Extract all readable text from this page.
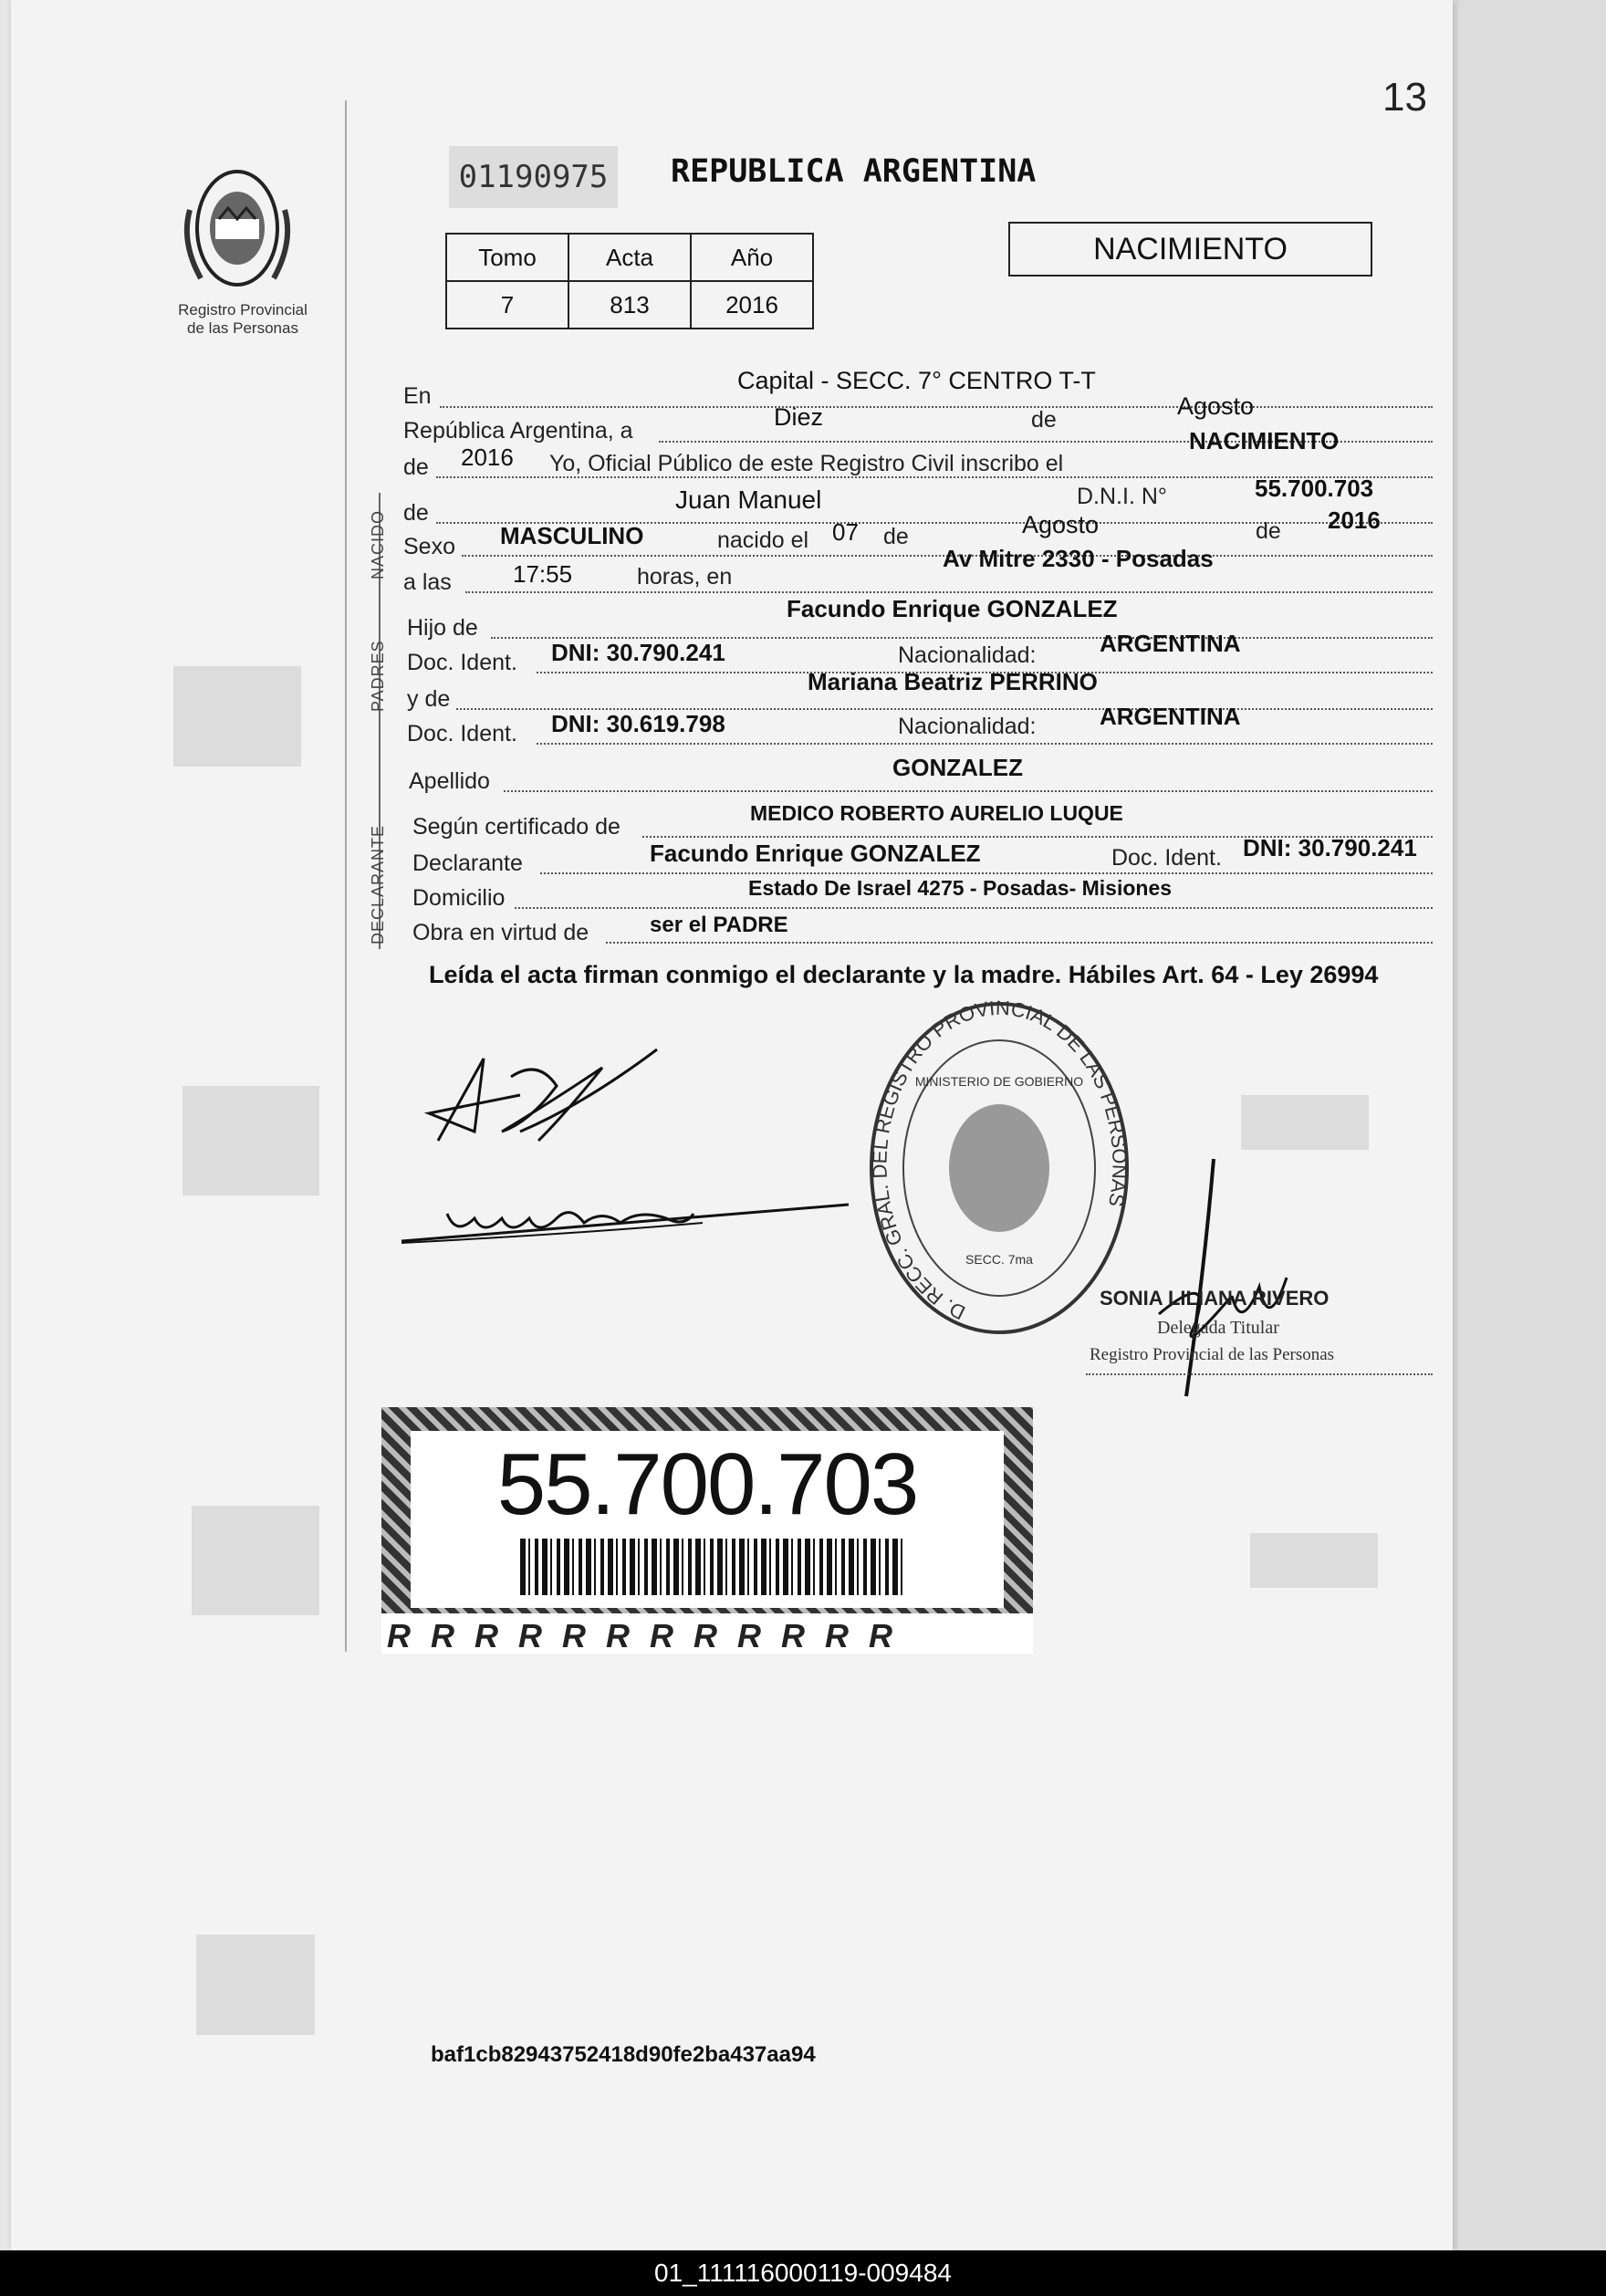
13
Registro Provincial de las Personas
01190975	REPUBLICA ARGENTINA
Tomo	Acta	Año
7	813	2016
NACIMIENTO
NACIDO
PADRES
DECLARANTE
En
Capital - SECC. 7° CENTRO T-T
República Argentina, a	Diez	de	Agosto
de 2016 Yo, Oficial Público de este Registro Civil inscribo el
NACIMIENTO
de	Juan Manuel	D.N.I. N°	55.700.703
Sexo MASCULINO	nacido el 07 de	Agosto	de 2016
a las	17:55	horas, en
Av Mitre 2330 - Posadas
Hijo de
Facundo Enrique GONZALEZ
Doc. Ident. DNI: 30.790.241	Nacionalidad:	ARGENTINA
y de
Mariana Beatriz PERRINO
Doc. Ident. DNI: 30.619.798	Nacionalidad:	ARGENTINA
Apellido	GONZALEZ
Según certificado de
MEDICO ROBERTO AURELIO LUQUE
Declarante	Facundo Enrique GONZALEZ	Doc. Ident. DNI: 30.790.241
Domicilio	Estado De Israel 4275 - Posadas- Misiones
Obra en virtud de	ser el PADRE
Leída el acta firman conmigo el declarante y la madre. Hábiles Art. 64 - Ley 26994
D. RECC. GRAL. DEL REGISTRO PROVINCIAL DE LAS PERSONAS
MINISTERIO DE GOBIERNO
SECC. 7ma
SONIA LILIANA RIVERO
Delegada Titular
Registro Provincial de las Personas
55.700.703
RRRRRRRRRRRR
baf1cb82943752418d90fe2ba437aa94
01_111116000119-009484
